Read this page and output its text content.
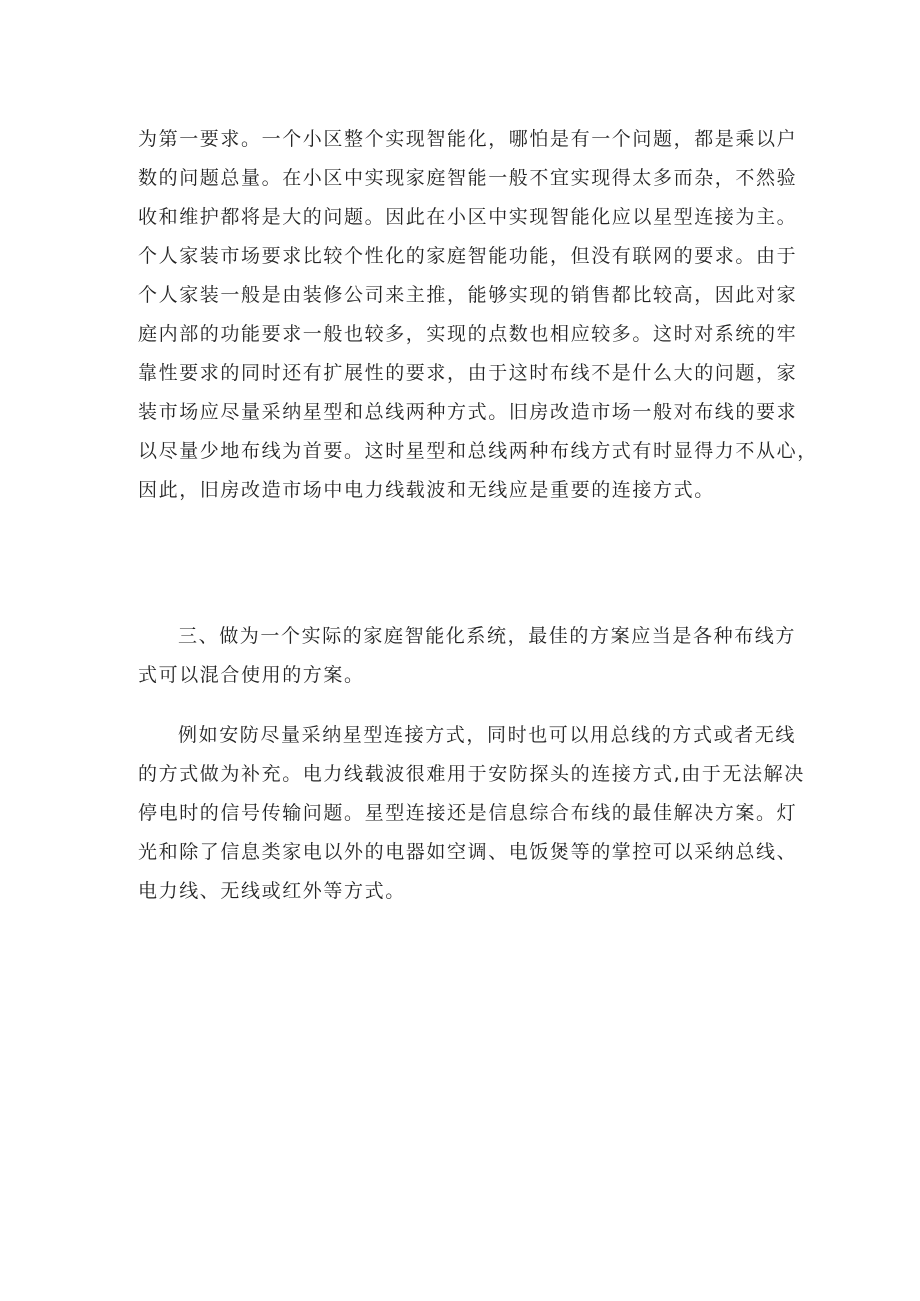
为第一要求。一个小区整个实现智能化，哪怕是有一个问题，都是乘以户
数的问题总量。在小区中实现家庭智能一般不宜实现得太多而杂，不然验
收和维护都将是大的问题。因此在小区中实现智能化应以星型连接为主。
个人家装市场要求比较个性化的家庭智能功能，但没有联网的要求。由于
个人家装一般是由装修公司来主推，能够实现的销售都比较高，因此对家
庭内部的功能要求一般也较多，实现的点数也相应较多。这时对系统的牢
靠性要求的同时还有扩展性的要求，由于这时布线不是什么大的问题，家
装市场应尽量采纳星型和总线两种方式。旧房改造市场一般对布线的要求
以尽量少地布线为首要。这时星型和总线两种布线方式有时显得力不从心，
因此，旧房改造市场中电力线载波和无线应是重要的连接方式。
三、做为一个实际的家庭智能化系统，最佳的方案应当是各种布线方
式可以混合使用的方案。
例如安防尽量采纳星型连接方式，同时也可以用总线的方式或者无线
的方式做为补充。电力线载波很难用于安防探头的连接方式,由于无法解决
停电时的信号传输问题。星型连接还是信息综合布线的最佳解决方案。灯
光和除了信息类家电以外的电器如空调、电饭煲等的掌控可以采纳总线、
电力线、无线或红外等方式。
